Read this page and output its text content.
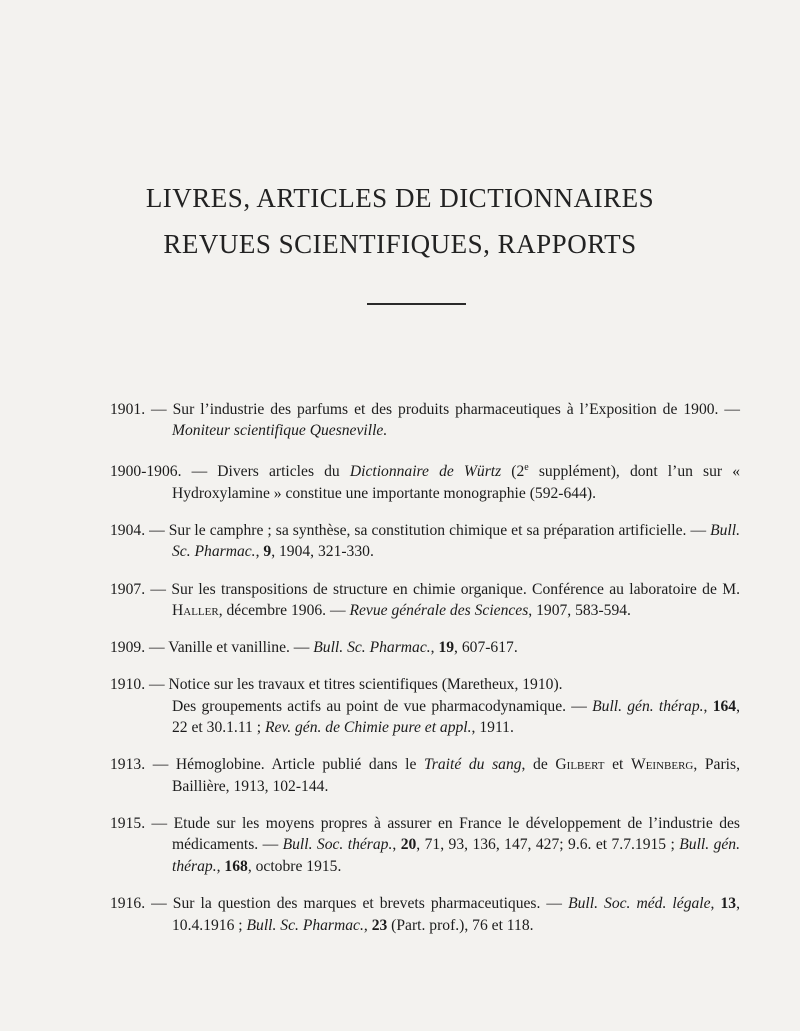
LIVRES, ARTICLES DE DICTIONNAIRES
REVUES SCIENTIFIQUES, RAPPORTS

1901. — Sur l’industrie des parfums et des produits pharmaceutiques à l’Exposition de 1900. — Moniteur scientifique Quesneville.

1900-1906. — Divers articles du Dictionnaire de Würtz (2e supplément), dont l’un sur « Hydroxylamine » constitue une importante monographie (592-644).

1904. — Sur le camphre ; sa synthèse, sa constitution chimique et sa préparation artificielle. — Bull. Sc. Pharmac., 9, 1904, 321-330.

1907. — Sur les transpositions de structure en chimie organique. Conférence au laboratoire de M. Haller, décembre 1906. — Revue générale des Sciences, 1907, 583-594.

1909. — Vanille et vanilline. — Bull. Sc. Pharmac., 19, 607-617.

1910. — Notice sur les travaux et titres scientifiques (Maretheux, 1910).

Des groupements actifs au point de vue pharmacodynamique. — Bull. gén. thérap., 164, 22 et 30.1.11 ; Rev. gén. de Chimie pure et appl., 1911.

1913. — Hémoglobine. Article publié dans le Traité du sang, de Gilbert et Weinberg, Paris, Baillière, 1913, 102-144.

1915. — Etude sur les moyens propres à assurer en France le développement de l’industrie des médicaments. — Bull. Soc. thérap., 20, 71, 93, 136, 147, 427; 9.6. et 7.7.1915 ; Bull. gén. thérap., 168, octobre 1915.

1916. — Sur la question des marques et brevets pharmaceutiques. — Bull. Soc. méd. légale, 13, 10.4.1916 ; Bull. Sc. Pharmac., 23 (Part. prof.), 76 et 118.
